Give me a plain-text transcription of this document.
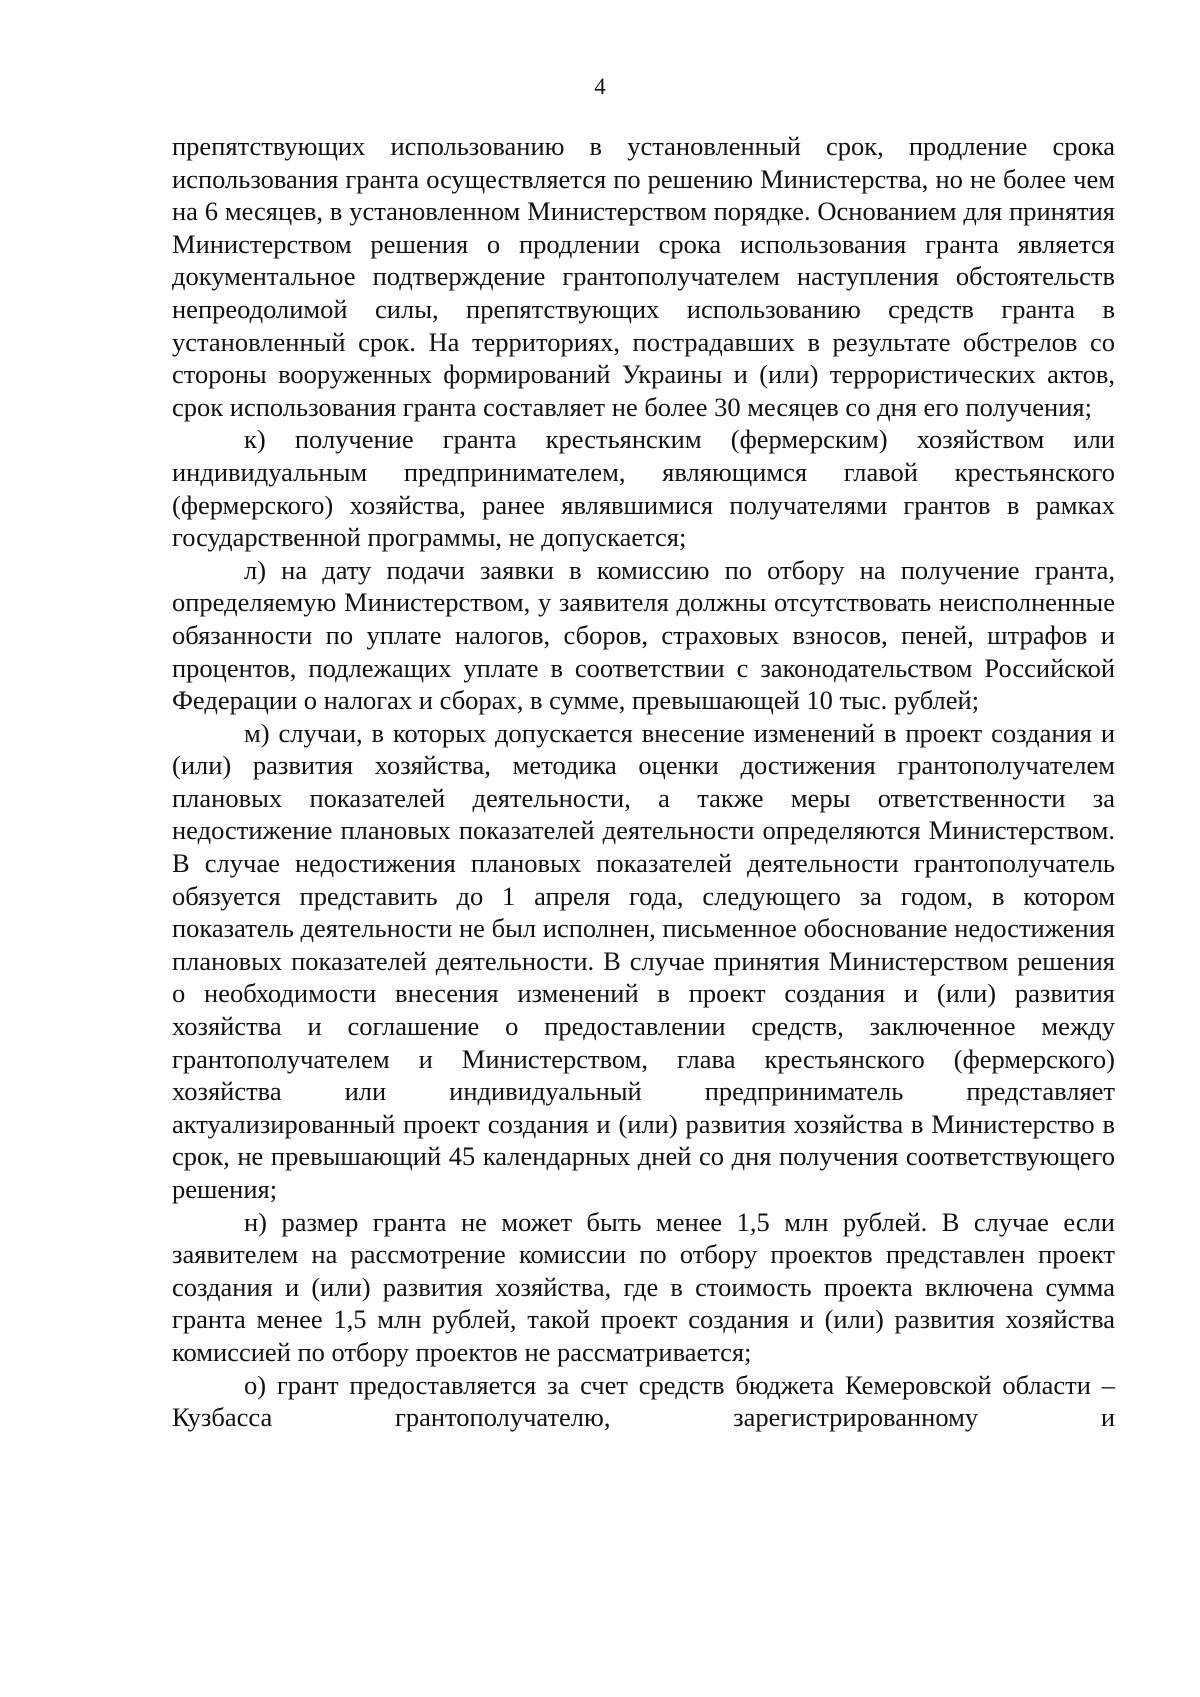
4

препятствующих использованию в установленный срок, продление срока использования гранта осуществляется по решению Министерства, но не более чем на 6 месяцев, в установленном Министерством порядке. Основанием для принятия Министерством решения о продлении срока использования гранта является документальное подтверждение грантополучателем наступления обстоятельств непреодолимой силы, препятствующих использованию средств гранта в установленный срок. На территориях, пострадавших в результате обстрелов со стороны вооруженных формирований Украины и (или) террористических актов, срок использования гранта составляет не более 30 месяцев со дня его получения;

к) получение гранта крестьянским (фермерским) хозяйством или индивидуальным предпринимателем, являющимся главой крестьянского (фермерского) хозяйства, ранее являвшимися получателями грантов в рамках государственной программы, не допускается;

л) на дату подачи заявки в комиссию по отбору на получение гранта, определяемую Министерством, у заявителя должны отсутствовать неисполненные обязанности по уплате налогов, сборов, страховых взносов, пеней, штрафов и процентов, подлежащих уплате в соответствии с законодательством Российской Федерации о налогах и сборах, в сумме, превышающей 10 тыс. рублей;

м) случаи, в которых допускается внесение изменений в проект создания и (или) развития хозяйства, методика оценки достижения грантополучателем плановых показателей деятельности, а также меры ответственности за недостижение плановых показателей деятельности определяются Министерством. В случае недостижения плановых показателей деятельности грантополучатель обязуется представить до 1 апреля года, следующего за годом, в котором показатель деятельности не был исполнен, письменное обоснование недостижения плановых показателей деятельности. В случае принятия Министерством решения о необходимости внесения изменений в проект создания и (или) развития хозяйства и соглашение о предоставлении средств, заключенное между грантополучателем и Министерством, глава крестьянского (фермерского) хозяйства или индивидуальный предприниматель представляет актуализированный проект создания и (или) развития хозяйства в Министерство в срок, не превышающий 45 календарных дней со дня получения соответствующего решения;

н) размер гранта не может быть менее 1,5 млн рублей. В случае если заявителем на рассмотрение комиссии по отбору проектов представлен проект создания и (или) развития хозяйства, где в стоимость проекта включена сумма гранта менее 1,5 млн рублей, такой проект создания и (или) развития хозяйства комиссией по отбору проектов не рассматривается;

о) грант предоставляется за счет средств бюджета Кемеровской области – Кузбасса грантополучателю, зарегистрированному и
